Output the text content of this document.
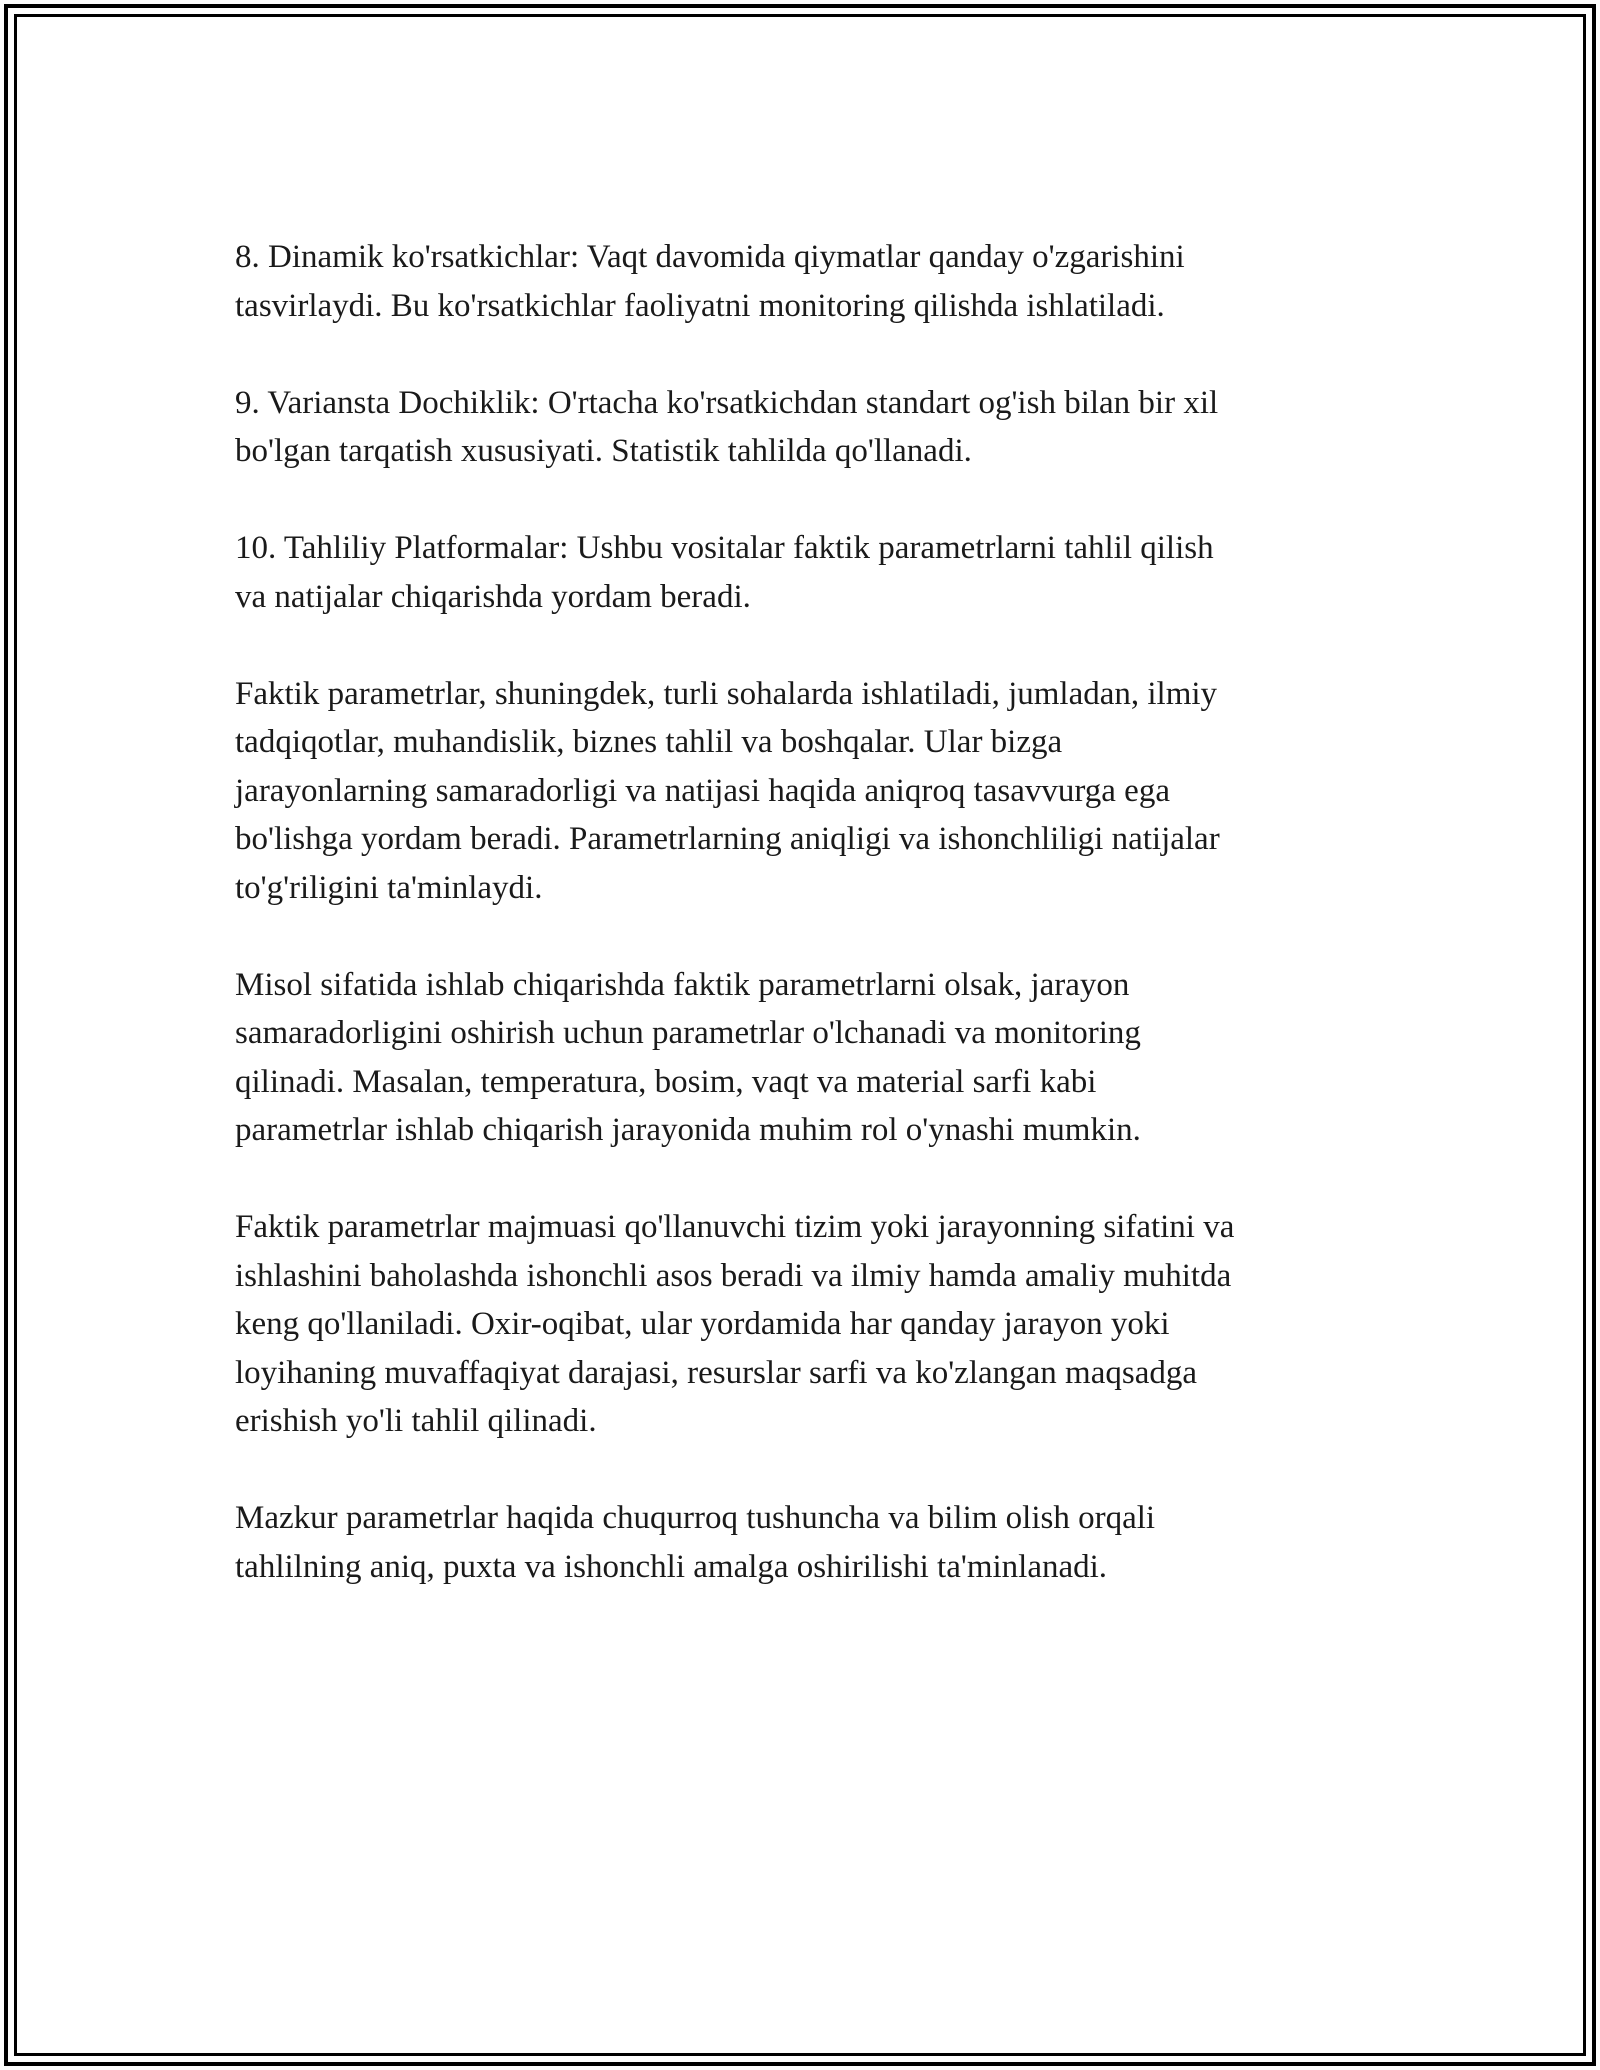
8. Dinamik ko'rsatkichlar: Vaqt davomida qiymatlar qanday o'zgarishini
tasvirlaydi. Bu ko'rsatkichlar faoliyatni monitoring qilishda ishlatiladi.

9. Variansta Dochiklik: O'rtacha ko'rsatkichdan standart og'ish bilan bir xil
bo'lgan tarqatish xususiyati. Statistik tahlilda qo'llanadi.

10. Tahliliy Platformalar: Ushbu vositalar faktik parametrlarni tahlil qilish
va natijalar chiqarishda yordam beradi.

Faktik parametrlar, shuningdek, turli sohalarda ishlatiladi, jumladan, ilmiy
tadqiqotlar, muhandislik, biznes tahlil va boshqalar. Ular bizga
jarayonlarning samaradorligi va natijasi haqida aniqroq tasavvurga ega
bo'lishga yordam beradi. Parametrlarning aniqligi va ishonchliligi natijalar
to'g'riligini ta'minlaydi.

Misol sifatida ishlab chiqarishda faktik parametrlarni olsak, jarayon
samaradorligini oshirish uchun parametrlar o'lchanadi va monitoring
qilinadi. Masalan, temperatura, bosim, vaqt va material sarfi kabi
parametrlar ishlab chiqarish jarayonida muhim rol o'ynashi mumkin.

Faktik parametrlar majmuasi qo'llanuvchi tizim yoki jarayonning sifatini va
ishlashini baholashda ishonchli asos beradi va ilmiy hamda amaliy muhitda
keng qo'llaniladi. Oxir-oqibat, ular yordamida har qanday jarayon yoki
loyihaning muvaffaqiyat darajasi, resurslar sarfi va ko'zlangan maqsadga
erishish yo'li tahlil qilinadi.

Mazkur parametrlar haqida chuqurroq tushuncha va bilim olish orqali
tahlilning aniq, puxta va ishonchli amalga oshirilishi ta'minlanadi.
